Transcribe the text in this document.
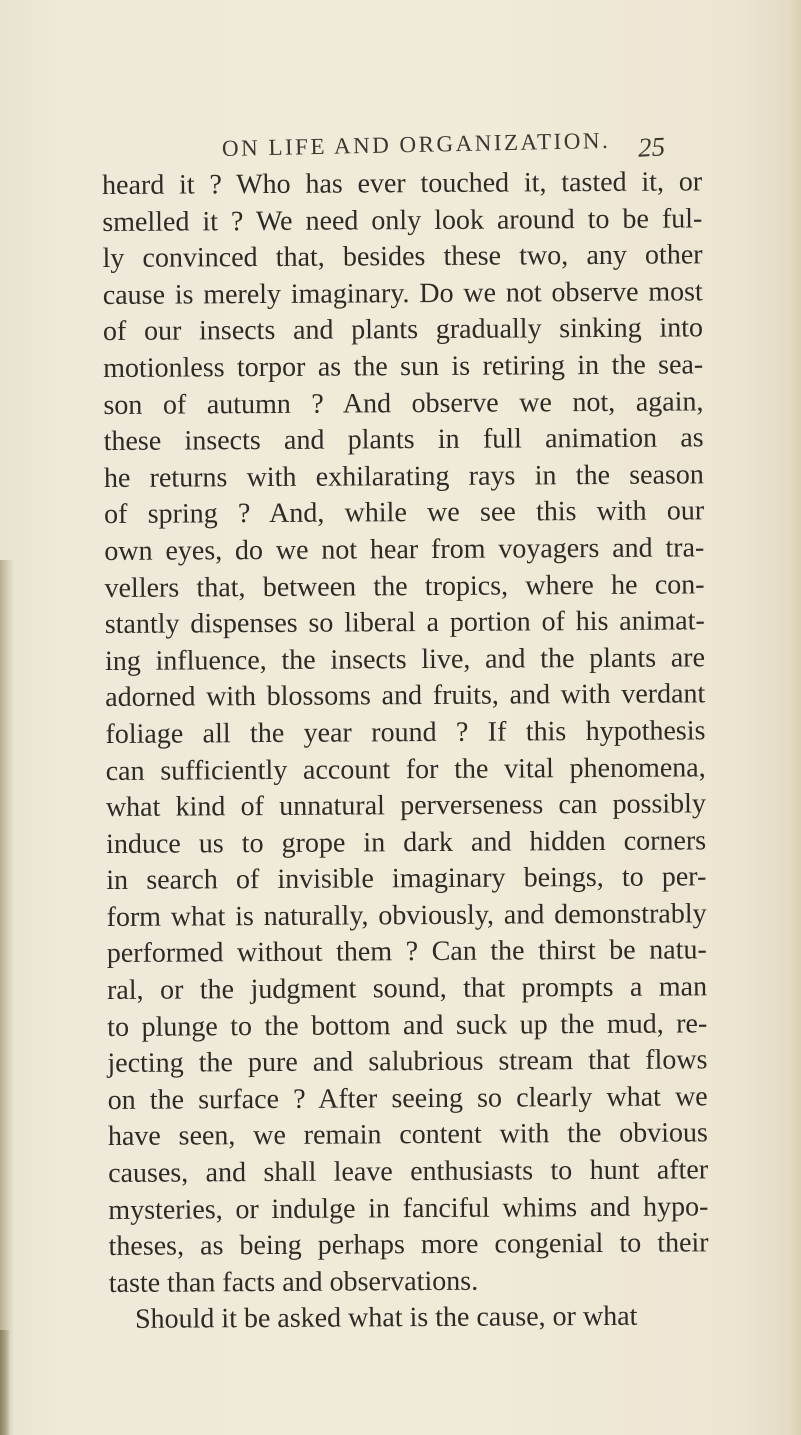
ON LIFE AND ORGANIZATION. 25
heard it ? Who has ever touched it, tasted it, or
smelled it ? We need only look around to be ful-
ly convinced that, besides these two, any other
cause is merely imaginary. Do we not observe most
of our insects and plants gradually sinking into
motionless torpor as the sun is retiring in the sea-
son of autumn ? And observe we not, again,
these insects and plants in full animation as
he returns with exhilarating rays in the season
of spring ? And, while we see this with our
own eyes, do we not hear from voyagers and tra-
vellers that, between the tropics, where he con-
stantly dispenses so liberal a portion of his animat-
ing influence, the insects live, and the plants are
adorned with blossoms and fruits, and with verdant
foliage all the year round ? If this hypothesis
can sufficiently account for the vital phenomena,
what kind of unnatural perverseness can possibly
induce us to grope in dark and hidden corners
in search of invisible imaginary beings, to per-
form what is naturally, obviously, and demonstrably
performed without them ? Can the thirst be natu-
ral, or the judgment sound, that prompts a man
to plunge to the bottom and suck up the mud, re-
jecting the pure and salubrious stream that flows
on the surface ? After seeing so clearly what we
have seen, we remain content with the obvious
causes, and shall leave enthusiasts to hunt after
mysteries, or indulge in fanciful whims and hypo-
theses, as being perhaps more congenial to their
taste than facts and observations.
Should it be asked what is the cause, or what
